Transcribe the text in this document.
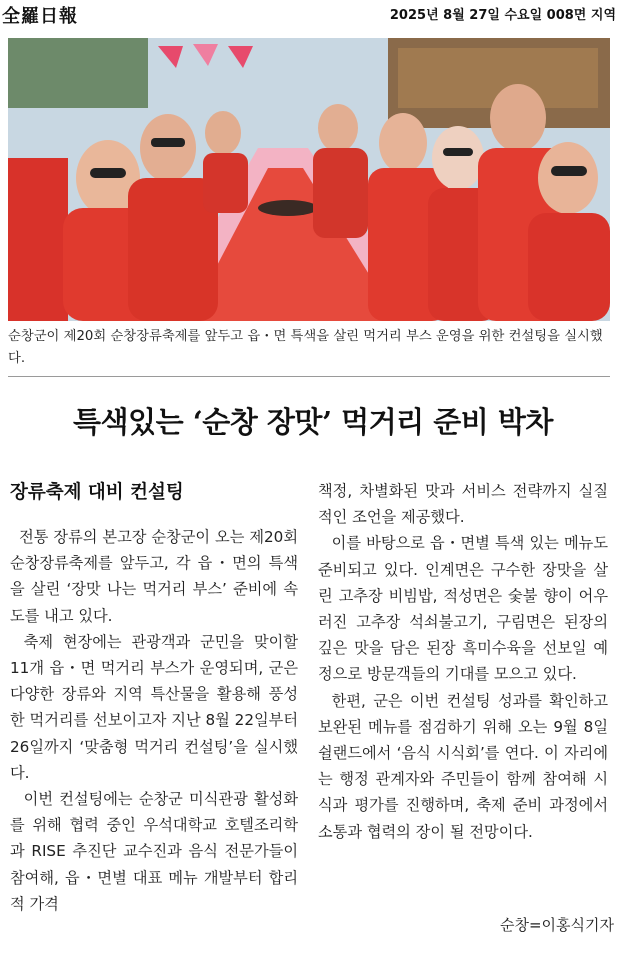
全羅日報	2025년 8월 27일 수요일 008면 지역
순창군이 제20회 순창장류축제를 앞두고 읍・면 특색을 살린 먹거리 부스 운영을 위한 컨설팅을 실시했다.
특색있는 ‘순창 장맛’ 먹거리 준비 박차
장류축제 대비 컨설팅

전통 장류의 본고장 순창군이 오는 제20회 순창장류축제를 앞두고, 각 읍・면의 특색을 살린 ‘장맛 나는 먹거리 부스’ 준비에 속도를 내고 있다.

축제 현장에는 관광객과 군민을 맞이할 11개 읍・면 먹거리 부스가 운영되며, 군은 다양한 장류와 지역 특산물을 활용해 풍성한 먹거리를 선보이고자 지난 8월 22일부터 26일까지 ‘맞춤형 먹거리 컨설팅’을 실시했다.

이번 컨설팅에는 순창군 미식관광 활성화를 위해 협력 중인 우석대학교 호텔조리학과 RISE 추진단 교수진과 음식 전문가들이 참여해, 읍・면별 대표 메뉴 개발부터 합리적 가격

책정, 차별화된 맛과 서비스 전략까지 실질적인 조언을 제공했다.

이를 바탕으로 읍・면별 특색 있는 메뉴도 준비되고 있다. 인계면은 구수한 장맛을 살린 고추장 비빔밥, 적성면은 숯불 향이 어우러진 고추장 석쇠불고기, 구림면은 된장의 깊은 맛을 담은 된장 흑미수육을 선보일 예정으로 방문객들의 기대를 모으고 있다.

한편, 군은 이번 컨설팅 성과를 확인하고 보완된 메뉴를 점검하기 위해 오는 9월 8일 쉴랜드에서 ‘음식 시식회’를 연다. 이 자리에는 행정 관계자와 주민들이 함께 참여해 시식과 평가를 진행하며, 축제 준비 과정에서 소통과 협력의 장이 될 전망이다.

순창=이홍식기자
